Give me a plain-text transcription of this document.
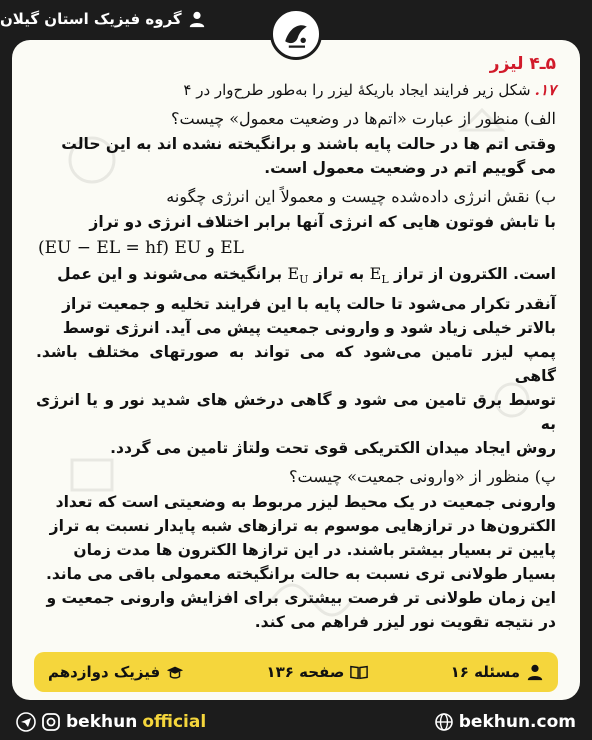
گروه فیزیک استان گیلان
۵ـ۴ لیزر
۱۷.شکل زیر فرایند ایجاد باریکهٔ لیزر را به‌طور طرح‌وار در ۴
الف) منظور از عبارت «اتم‌ها در وضعیت معمول» چیست؟
وقتی اتم ها در حالت پایه باشند و برانگیخته نشده اند به این حالت
می گوییم اتم در وضعیت معمول است.
ب) نقش انرژی داده‌شده چیست و معمولاً این انرژی چگونه
با تابش فوتون هایی که انرژی آنها برابر اختلاف انرژی دو تراز
(EU − EL = hf) EU و EL
است. الکترون از تراز $E_L$ به تراز $E_U$ برانگیخته می‌شوند و این عمل
آنقدر تکرار می‌شود تا حالت پایه با این فرایند تخلیه و جمعیت تراز
بالاتر خیلی زیاد شود و وارونی جمعیت پیش می آید. انرژی توسط
پمپ لیزر تامین می‌شود که می تواند به صورتهای مختلف باشد. گاهی
توسط برق تامین می شود و گاهی درخش های شدید نور و یا انرژی به
روش ایجاد میدان الکتریکی قوی تحت ولتاژ تامین می گردد.
پ) منظور از «وارونی جمعیت» چیست؟
وارونی جمعیت در یک محیط لیزر مربوط به وضعیتی است که تعداد
الکترون‌ها در ترازهایی موسوم به ترازهای شبه پایدار نسبت به تراز
پایین تر بسیار بیشتر باشند. در این ترازها الکترون ها مدت زمان
بسیار طولانی تری نسبت به حالت برانگیخته معمولی باقی می ماند.
این زمان طولانی تر فرصت بیشتری برای افزایش وارونی جمعیت و
در نتیجه تقویت نور لیزر فراهم می کند.
مسئله ۱۶
صفحه ۱۳۶
فیزیک دوازدهم
bekhun official	bekhun.com
